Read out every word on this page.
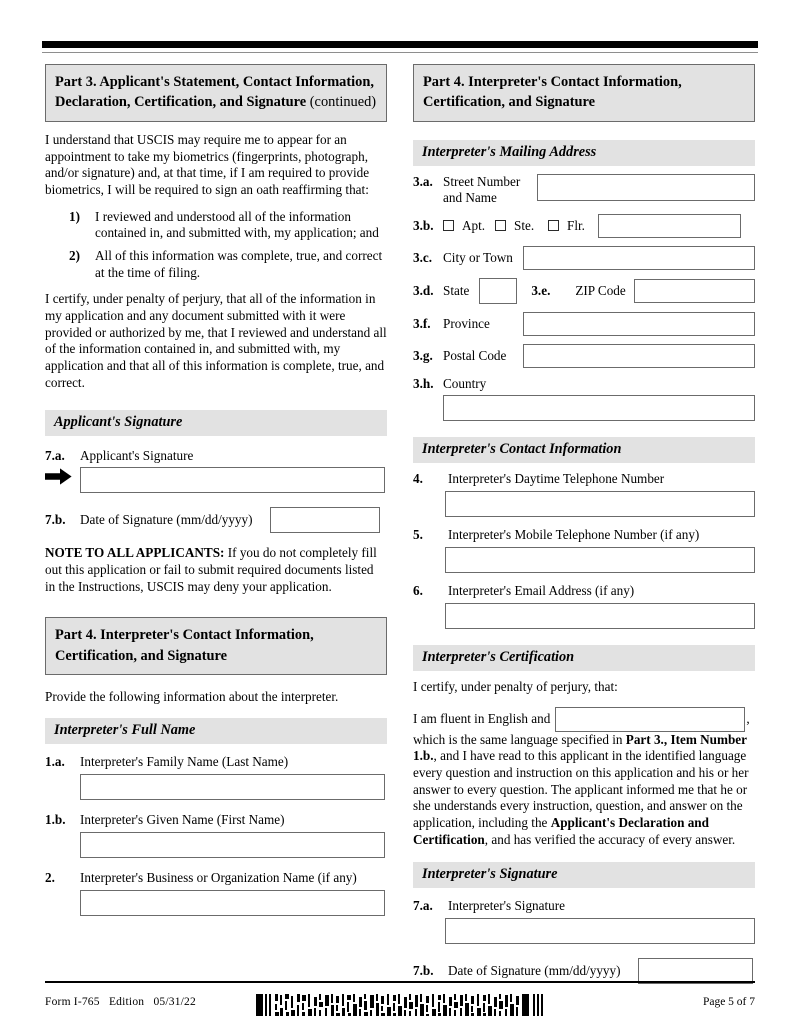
Part 3. Applicant's Statement, Contact Information, Declaration, Certification, and Signature (continued)
I understand that USCIS may require me to appear for an appointment to take my biometrics (fingerprints, photograph, and/or signature) and, at that time, if I am required to provide biometrics, I will be required to sign an oath reaffirming that:
1) I reviewed and understood all of the information contained in, and submitted with, my application; and
2) All of this information was complete, true, and correct at the time of filing.
I certify, under penalty of perjury, that all of the information in my application and any document submitted with it were provided or authorized by me, that I reviewed and understand all of the information contained in, and submitted with, my application and that all of this information is complete, true, and correct.
Applicant's Signature
7.a.	Applicant's Signature
7.b.	Date of Signature (mm/dd/yyyy)
NOTE TO ALL APPLICANTS: If you do not completely fill out this application or fail to submit required documents listed in the Instructions, USCIS may deny your application.
Part 4. Interpreter's Contact Information, Certification, and Signature
Provide the following information about the interpreter.
Interpreter's Full Name
1.a.	Interpreter's Family Name (Last Name)
1.b.	Interpreter's Given Name (First Name)
2.	Interpreter's Business or Organization Name (if any)
Part 4. Interpreter's Contact Information, Certification, and Signature
Interpreter's Mailing Address
3.a. Street Number
and Name
3.b.	Apt.	Ste.	Flr.
3.c. City or Town
3.d. State	3.e.	ZIP Code
3.f. Province
3.g. Postal Code
3.h. Country
Interpreter's Contact Information
4.	Interpreter's Daytime Telephone Number
5.	Interpreter's Mobile Telephone Number (if any)
6.	Interpreter's Email Address (if any)
Interpreter's Certification
I certify, under penalty of perjury, that:
I am fluent in English and	,
which is the same language specified in Part 3., Item Number 1.b., and I have read to this applicant in the identified language every question and instruction on this application and his or her answer to every question. The applicant informed me that he or she understands every instruction, question, and answer on the application, including the Applicant's Declaration and Certification, and has verified the accuracy of every answer.
Interpreter's Signature
7.a.	Interpreter's Signature
7.b.	Date of Signature (mm/dd/yyyy)
Form I-765 Edition 05/31/22	Page 5 of 7
